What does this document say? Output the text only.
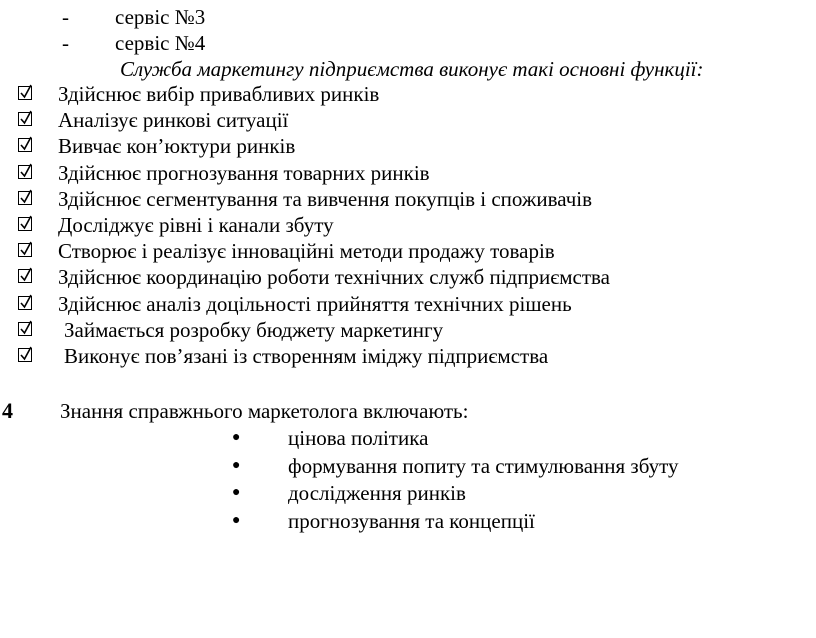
- сервіс №3
- сервіс №4
Служба маркетингу підприємства виконує такі основні функції:
Здійснює вибір привабливих ринків
Аналізує ринкові ситуації
Вивчає кон’юктури ринків
Здійснює прогнозування товарних ринків
Здійснює сегментування та вивчення покупців і споживачів
Досліджує рівні і канали збуту
Створює і реалізує інноваційні методи продажу товарів
Здійснює координацію роботи технічних служб підприємства
Здійснює аналіз доцільності прийняття технічних рішень
Займається розробку бюджету маркетингу
Виконує пов’язані із створенням іміджу підприємства
4 Знання справжнього маркетолога включають:
● цінова політика
● формування попиту та стимулювання збуту
● дослідження ринків
● прогнозування та концепції
